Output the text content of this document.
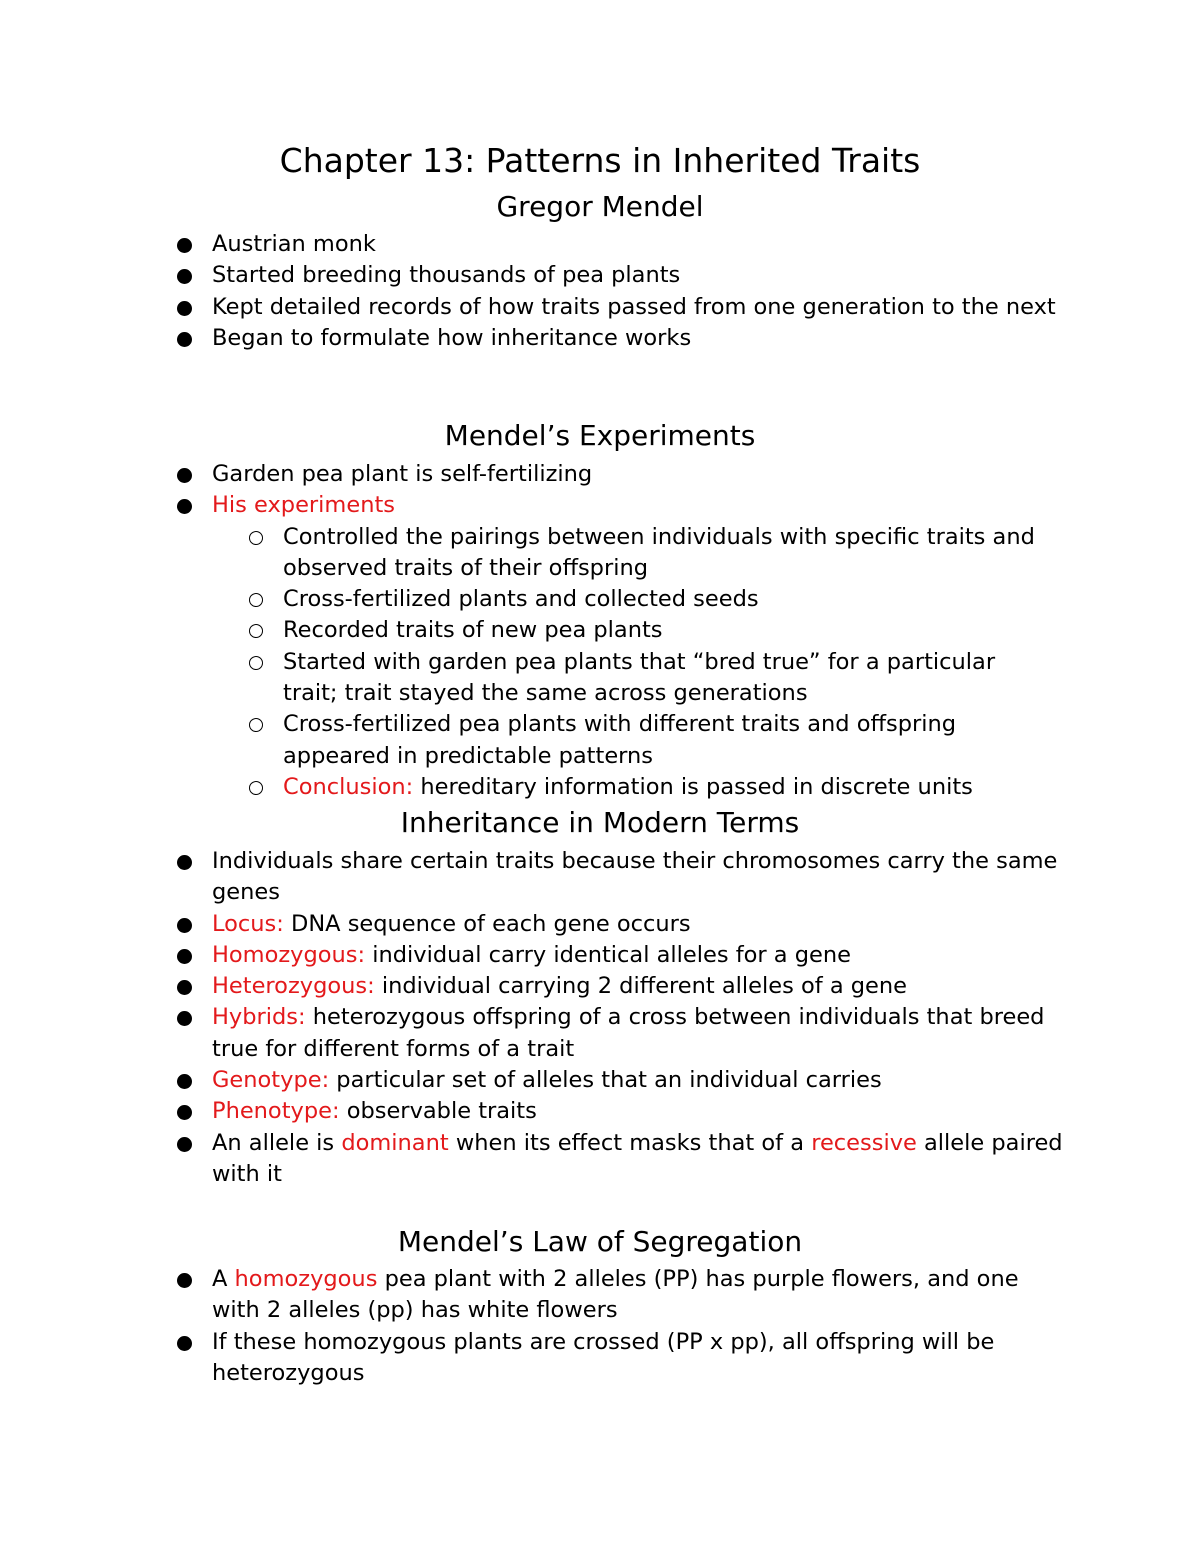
Chapter 13: Patterns in Inherited Traits
Gregor Mendel
Austrian monk
Started breeding thousands of pea plants
Kept detailed records of how traits passed from one generation to the next
Began to formulate how inheritance works
Mendel’s Experiments
Garden pea plant is self-fertilizing
His experiments
Controlled the pairings between individuals with specific traits and observed traits of their offspring
Cross-fertilized plants and collected seeds
Recorded traits of new pea plants
Started with garden pea plants that “bred true” for a particular trait; trait stayed the same across generations
Cross-fertilized pea plants with different traits and offspring appeared in predictable patterns
Conclusion: hereditary information is passed in discrete units
Inheritance in Modern Terms
Individuals share certain traits because their chromosomes carry the same genes
Locus: DNA sequence of each gene occurs
Homozygous: individual carry identical alleles for a gene
Heterozygous: individual carrying 2 different alleles of a gene
Hybrids: heterozygous offspring of a cross between individuals that breed true for different forms of a trait
Genotype: particular set of alleles that an individual carries
Phenotype: observable traits
An allele is dominant when its effect masks that of a recessive allele paired with it
Mendel’s Law of Segregation
A homozygous pea plant with 2 alleles (PP) has purple flowers, and one with 2 alleles (pp) has white flowers
If these homozygous plants are crossed (PP x pp), all offspring will be heterozygous
